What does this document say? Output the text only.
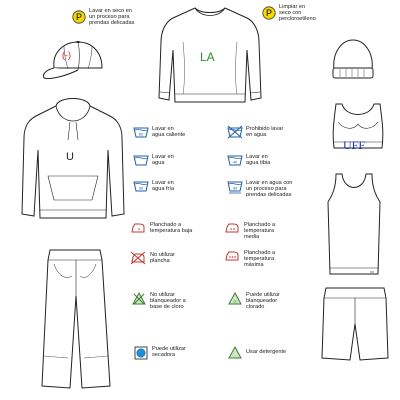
P
Lavar en seco en
un proceso para
prendas delicadas
P
Limpiar en
seco con
percloroetileno
(-)	LA
U
UFF
60
Lavar en
agua caliente
Prohibido lavar
en agua
Lavar en
agua	40
Lavar en
agua tibia
30
Lavar en
agua fría	30
Lavar en agua con
un proceso para
prendas delicadas
Planchado a
temperatura baja
Planchado a
temperatura
media
No utilizar
plancha
Planchado a
temperatura
máxima
No utilizar
blanqueador a
base de cloro
cl
Puede utilizar
blanqueador
clorado
Puede utilizar
secadora
Usar detergente
